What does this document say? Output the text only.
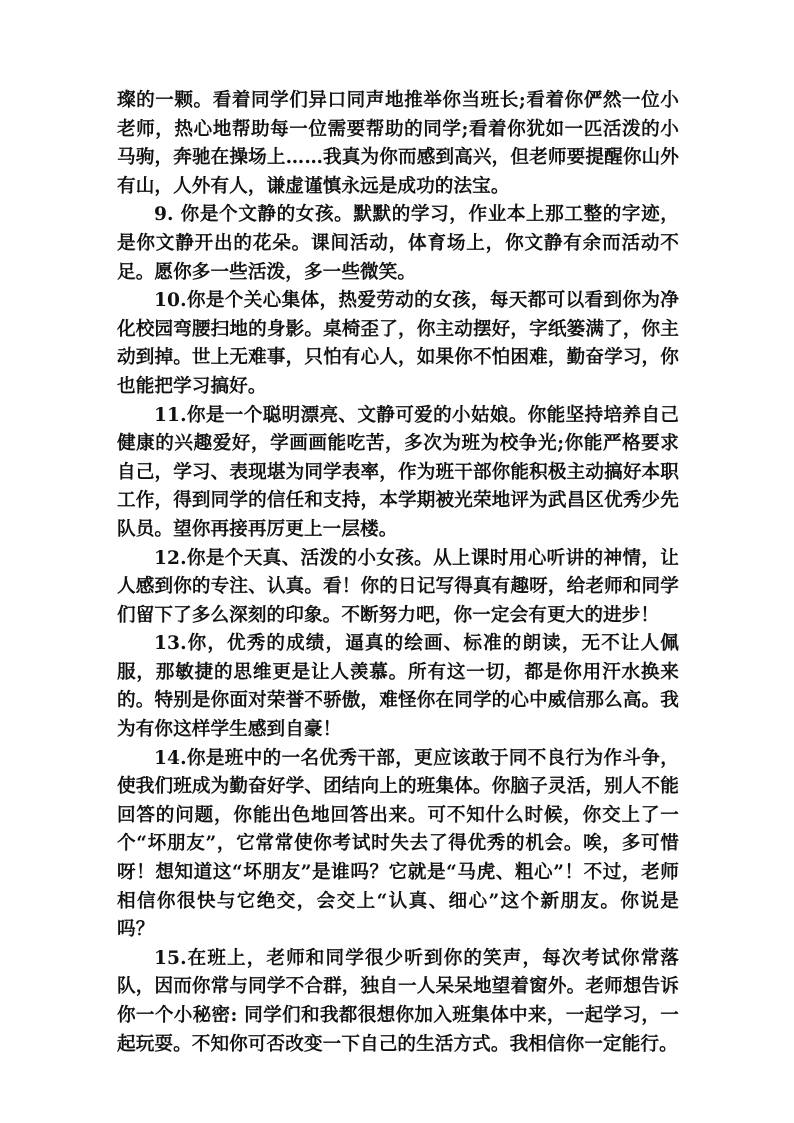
璨的一颗。看着同学们异口同声地推举你当班长;看着你俨然一位小老师，热心地帮助每一位需要帮助的同学;看着你犹如一匹活泼的小马驹，奔驰在操场上……我真为你而感到高兴，但老师要提醒你山外有山，人外有人，谦虚谨慎永远是成功的法宝。

9. 你是个文静的女孩。默默的学习，作业本上那工整的字迹，是你文静开出的花朵。课间活动，体育场上，你文静有余而活动不足。愿你多一些活泼，多一些微笑。

10.你是个关心集体，热爱劳动的女孩，每天都可以看到你为净化校园弯腰扫地的身影。桌椅歪了，你主动摆好，字纸篓满了，你主动到掉。世上无难事，只怕有心人，如果你不怕困难，勤奋学习，你也能把学习搞好。

11.你是一个聪明漂亮、文静可爱的小姑娘。你能坚持培养自己健康的兴趣爱好，学画画能吃苦，多次为班为校争光;你能严格要求自己，学习、表现堪为同学表率，作为班干部你能积极主动搞好本职工作，得到同学的信任和支持，本学期被光荣地评为武昌区优秀少先队员。望你再接再厉更上一层楼。

12.你是个天真、活泼的小女孩。从上课时用心听讲的神情，让人感到你的专注、认真。看！你的日记写得真有趣呀，给老师和同学们留下了多么深刻的印象。不断努力吧，你一定会有更大的进步！

13.你，优秀的成绩，逼真的绘画、标准的朗读，无不让人佩服，那敏捷的思维更是让人羡慕。所有这一切，都是你用汗水换来的。特别是你面对荣誉不骄傲，难怪你在同学的心中威信那么高。我为有你这样学生感到自豪！

14.你是班中的一名优秀干部，更应该敢于同不良行为作斗争，使我们班成为勤奋好学、团结向上的班集体。你脑子灵活，别人不能回答的问题，你能出色地回答出来。可不知什么时候，你交上了一个“坏朋友”，它常常使你考试时失去了得优秀的机会。唉，多可惜呀！想知道这“坏朋友”是谁吗？它就是“马虎、粗心”！不过，老师相信你很快与它绝交，会交上“认真、细心”这个新朋友。你说是吗？

15.在班上，老师和同学很少听到你的笑声，每次考试你常落队，因而你常与同学不合群，独自一人呆呆地望着窗外。老师想告诉你一个小秘密: 同学们和我都很想你加入班集体中来，一起学习，一起玩耍。不知你可否改变一下自己的生活方式。我相信你一定能行。
